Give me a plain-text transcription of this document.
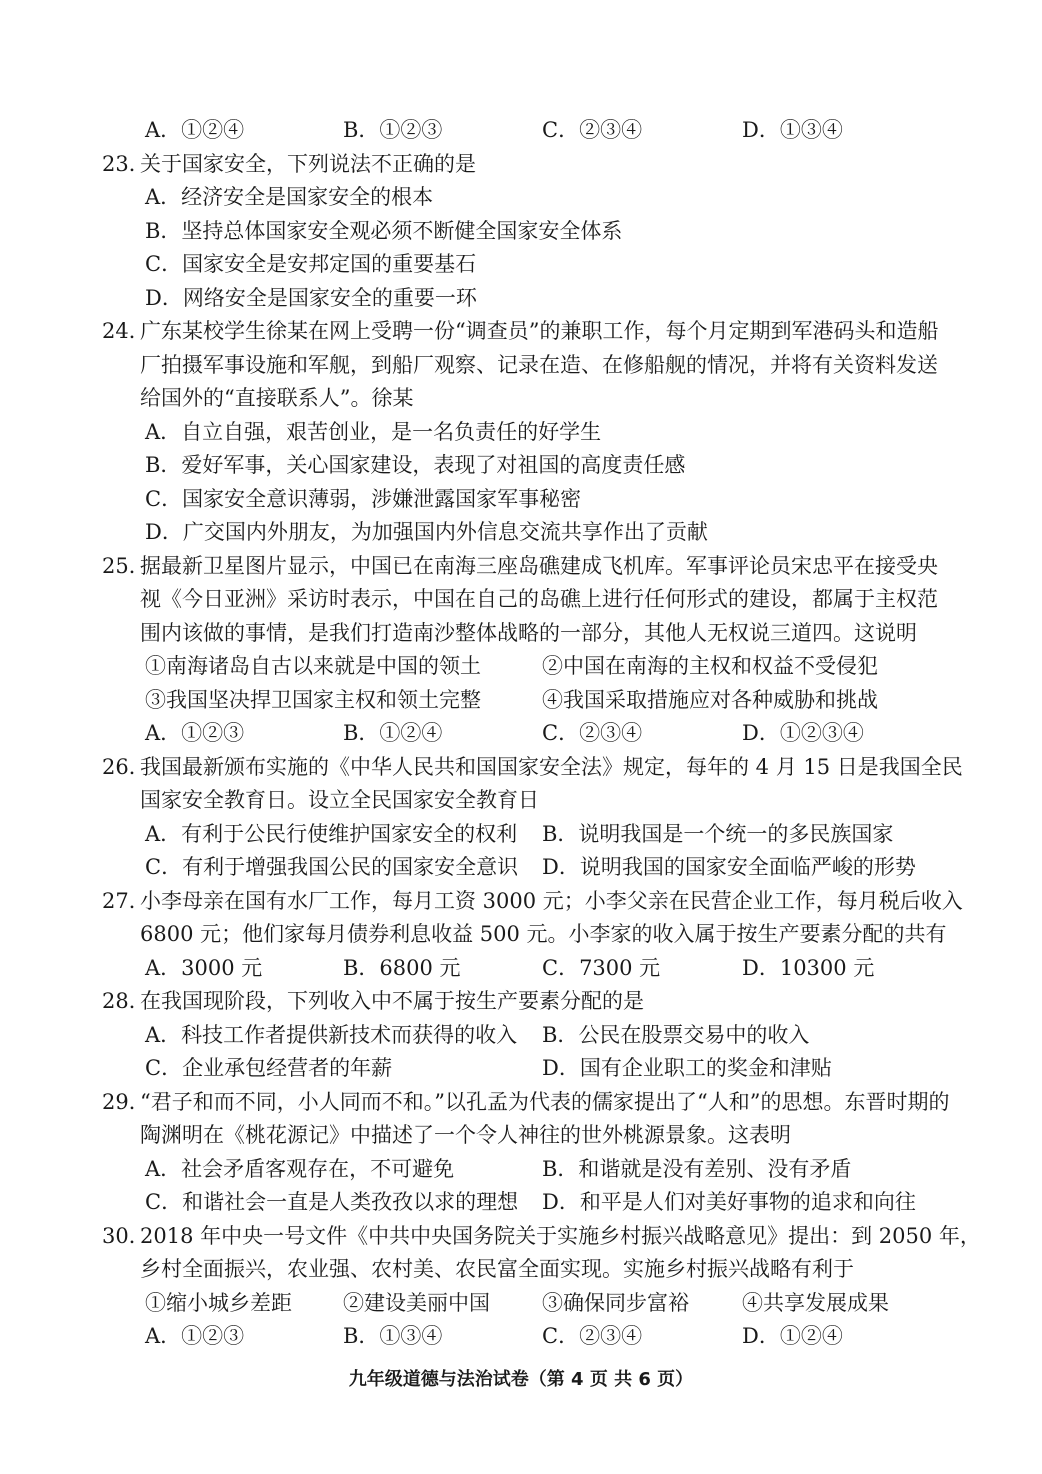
A．①②④	B．①②③	C．②③④	D．①③④
23．
关于国家安全，下列说法不正确的是
A．经济安全是国家安全的根本
B．坚持总体国家安全观必须不断健全国家安全体系
C．国家安全是安邦定国的重要基石
D．网络安全是国家安全的重要一环
24．
广东某校学生徐某在网上受聘一份“调查员”的兼职工作，每个月定期到军港码头和造船
厂拍摄军事设施和军舰，到船厂观察、记录在造、在修船舰的情况，并将有关资料发送
给国外的“直接联系人”。徐某
A．自立自强，艰苦创业，是一名负责任的好学生
B．爱好军事，关心国家建设，表现了对祖国的高度责任感
C．国家安全意识薄弱，涉嫌泄露国家军事秘密
D．广交国内外朋友，为加强国内外信息交流共享作出了贡献
25．
据最新卫星图片显示，中国已在南海三座岛礁建成飞机库。军事评论员宋忠平在接受央
视《今日亚洲》采访时表示，中国在自己的岛礁上进行任何形式的建设，都属于主权范
围内该做的事情，是我们打造南沙整体战略的一部分，其他人无权说三道四。这说明
①南海诸岛自古以来就是中国的领土	②中国在南海的主权和权益不受侵犯
③我国坚决捍卫国家主权和领土完整	④我国采取措施应对各种威胁和挑战
A．①②③	B．①②④	C．②③④	D．①②③④
26．
我国最新颁布实施的《中华人民共和国国家安全法》规定，每年的 4 月 15 日是我国全民
国家安全教育日。设立全民国家安全教育日
A．有利于公民行使维护国家安全的权利 B．说明我国是一个统一的多民族国家
C．有利于增强我国公民的国家安全意识 D．说明我国的国家安全面临严峻的形势
27．
小李母亲在国有水厂工作，每月工资 3000 元；小李父亲在民营企业工作，每月税后收入
6800 元；他们家每月债券利息收益 500 元。小李家的收入属于按生产要素分配的共有
A．3000 元	B．6800 元	C．7300 元	D．10300 元
28．
在我国现阶段，下列收入中不属于按生产要素分配的是
A．科技工作者提供新技术而获得的收入 B．公民在股票交易中的收入
C．企业承包经营者的年薪	D．国有企业职工的奖金和津贴
29．
“君子和而不同，小人同而不和。”以孔孟为代表的儒家提出了“人和”的思想。东晋时期的
陶渊明在《桃花源记》中描述了一个令人神往的世外桃源景象。这表明
A．社会矛盾客观存在，不可避免	B．和谐就是没有差别、没有矛盾
C．和谐社会一直是人类孜孜以求的理想 D．和平是人们对美好事物的追求和向往
30．
2018 年中央一号文件《中共中央国务院关于实施乡村振兴战略意见》提出：到 2050 年，
乡村全面振兴，农业强、农村美、农民富全面实现。实施乡村振兴战略有利于
①缩小城乡差距 ②建设美丽中国 ③确保同步富裕	④共享发展成果
A．①②③	B．①③④	C．②③④	D．①②④
九年级道德与法治试卷（第 4 页 共 6 页）
